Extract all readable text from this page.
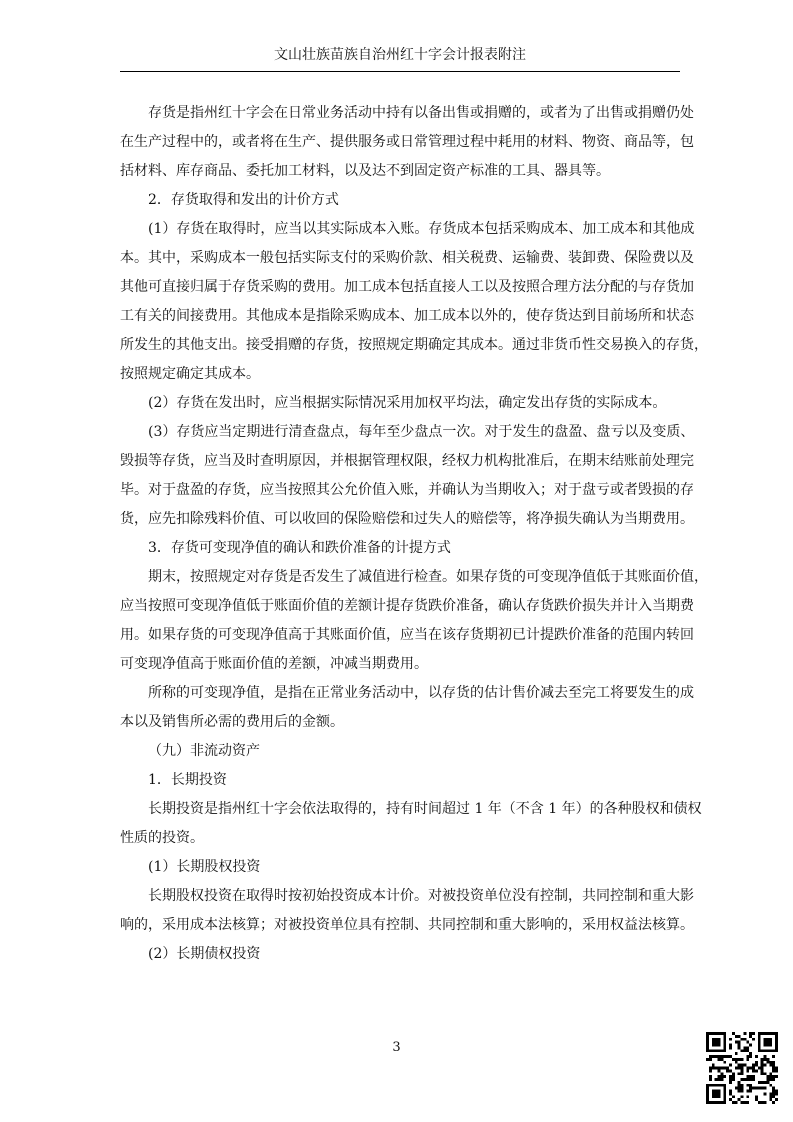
文山壮族苗族自治州红十字会计报表附注
存货是指州红十字会在日常业务活动中持有以备出售或捐赠的，或者为了出售或捐赠仍处
在生产过程中的，或者将在生产、提供服务或日常管理过程中耗用的材料、物资、商品等，包
括材料、库存商品、委托加工材料，以及达不到固定资产标准的工具、器具等。
2．存货取得和发出的计价方式
(1）存货在取得时，应当以其实际成本入账。存货成本包括采购成本、加工成本和其他成
本。其中，采购成本一般包括实际支付的采购价款、相关税费、运输费、装卸费、保险费以及
其他可直接归属于存货采购的费用。加工成本包括直接人工以及按照合理方法分配的与存货加
工有关的间接费用。其他成本是指除采购成本、加工成本以外的，使存货达到目前场所和状态
所发生的其他支出。接受捐赠的存货，按照规定期确定其成本。通过非货币性交易换入的存货，
按照规定确定其成本。
(2）存货在发出时，应当根据实际情况采用加权平均法，确定发出存货的实际成本。
(3）存货应当定期进行清查盘点，每年至少盘点一次。对于发生的盘盈、盘亏以及变质、
毁损等存货，应当及时查明原因，并根据管理权限，经权力机构批准后，在期末结账前处理完
毕。对于盘盈的存货，应当按照其公允价值入账，并确认为当期收入；对于盘亏或者毁损的存
货，应先扣除残料价值、可以收回的保险赔偿和过失人的赔偿等，将净损失确认为当期费用。
3．存货可变现净值的确认和跌价准备的计提方式
期末，按照规定对存货是否发生了减值进行检查。如果存货的可变现净值低于其账面价值，
应当按照可变现净值低于账面价值的差额计提存货跌价准备，确认存货跌价损失并计入当期费
用。如果存货的可变现净值高于其账面价值，应当在该存货期初已计提跌价准备的范围内转回
可变现净值高于账面价值的差额，冲减当期费用。
所称的可变现净值，是指在正常业务活动中，以存货的估计售价减去至完工将要发生的成
本以及销售所必需的费用后的金额。
（九）非流动资产
1．长期投资
长期投资是指州红十字会依法取得的，持有时间超过 1 年（不含 1 年）的各种股权和债权
性质的投资。
(1）长期股权投资
长期股权投资在取得时按初始投资成本计价。对被投资单位没有控制，共同控制和重大影
响的，采用成本法核算；对被投资单位具有控制、共同控制和重大影响的，采用权益法核算。
(2）长期债权投资
3
